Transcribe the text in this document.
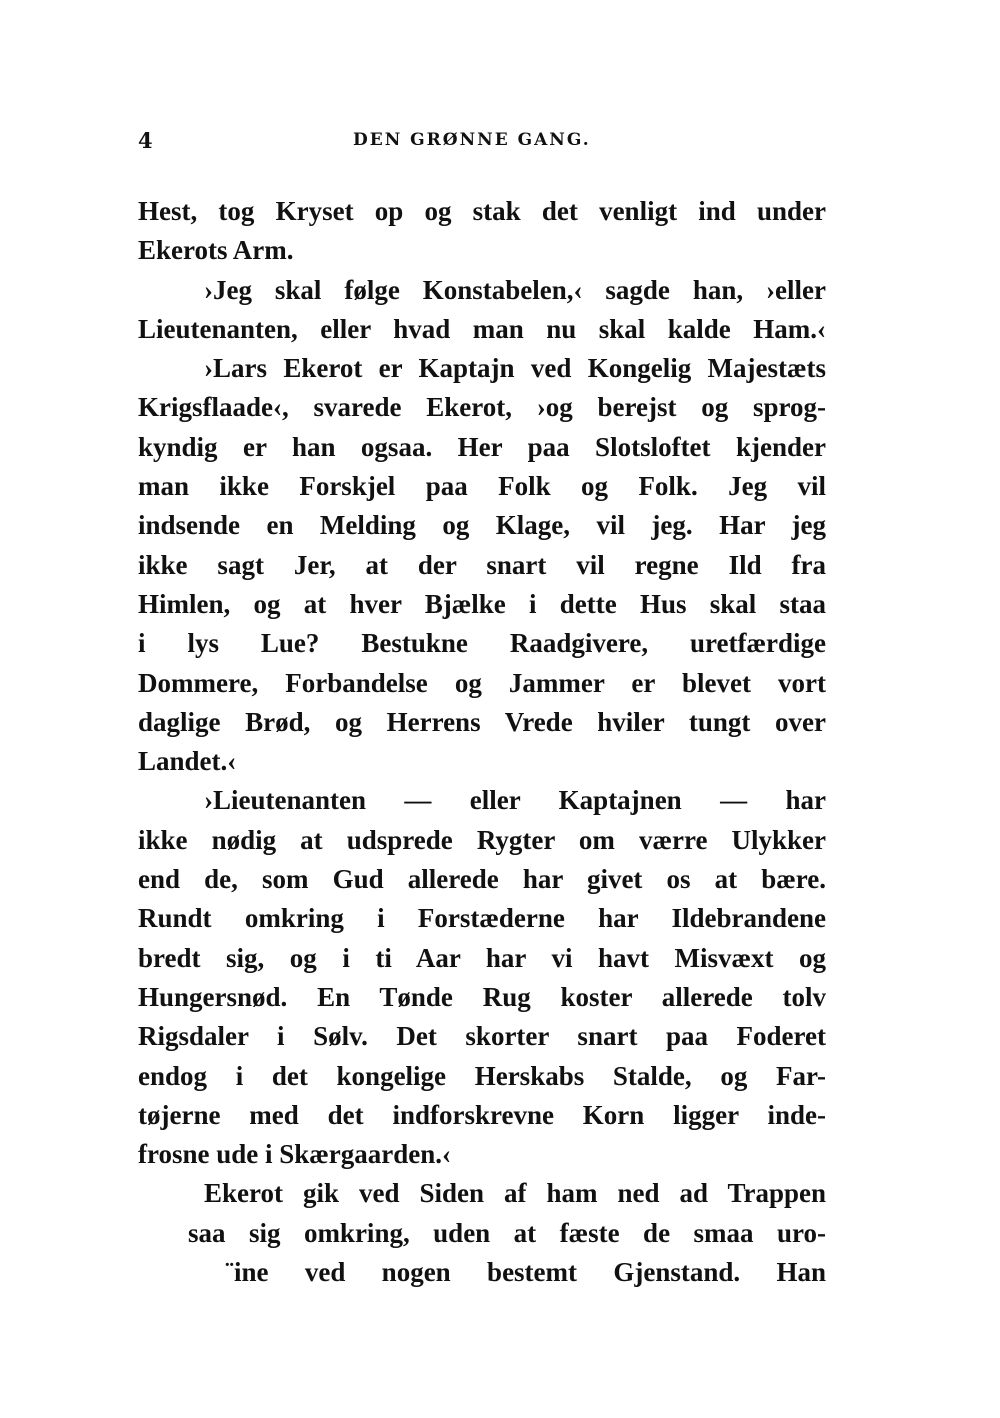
4	DEN GRØNNE GANG.
Hest, tog Kryset op og stak det venligt ind under
Ekerots Arm.
›Jeg skal følge Konstabelen,‹ sagde han, ›eller
Lieutenanten, eller hvad man nu skal kalde Ham.‹
›Lars Ekerot er Kaptajn ved Kongelig Majestæts
Krigsflaade‹, svarede Ekerot, ›og berejst og sprog-
kyndig er han ogsaa. Her paa Slotsloftet kjender
man ikke Forskjel paa Folk og Folk. Jeg vil
indsende en Melding og Klage, vil jeg. Har jeg
ikke sagt Jer, at der snart vil regne Ild fra
Himlen, og at hver Bjælke i dette Hus skal staa
i lys Lue? Bestukne Raadgivere, uretfærdige
Dommere, Forbandelse og Jammer er blevet vort
daglige Brød, og Herrens Vrede hviler tungt over
Landet.‹
›Lieutenanten — eller Kaptajnen — har
ikke nødig at udsprede Rygter om værre Ulykker
end de, som Gud allerede har givet os at bære.
Rundt omkring i Forstæderne har Ildebrandene
bredt sig, og i ti Aar har vi havt Misvæxt og
Hungersnød. En Tønde Rug koster allerede tolv
Rigsdaler i Sølv. Det skorter snart paa Foderet
endog i det kongelige Herskabs Stalde, og Far-
tøjerne med det indforskrevne Korn ligger inde-
frosne ude i Skærgaarden.‹
Ekerot gik ved Siden af ham ned ad Trappen
saa sig omkring, uden at fæste de smaa uro-
¨ine ved nogen bestemt Gjenstand. Han
